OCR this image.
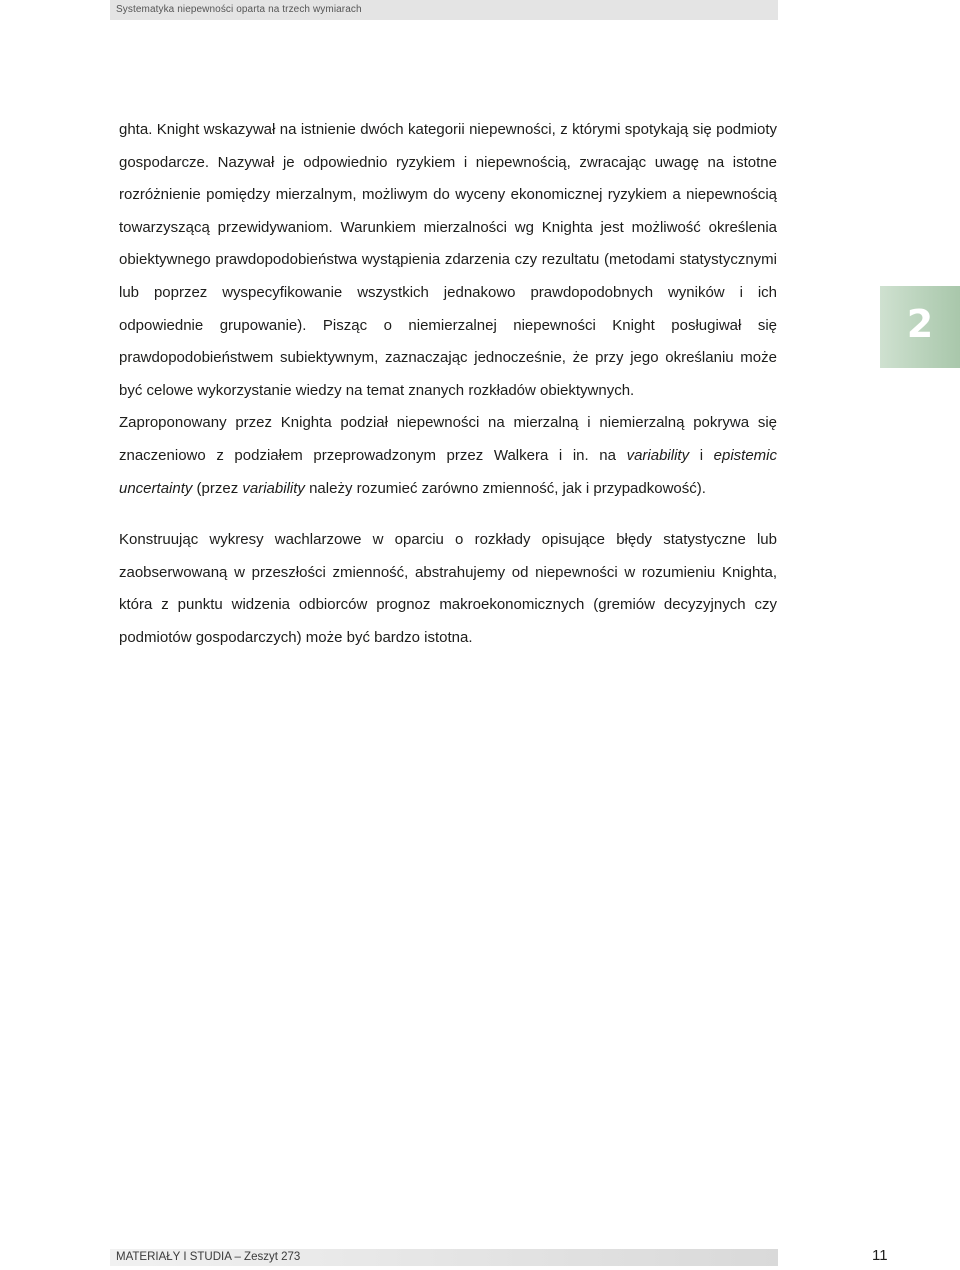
Systematyka niepewności oparta na trzech wymiarach

ghta. Knight wskazywał na istnienie dwóch kategorii niepewności, z którymi spotykają się podmioty gospodarcze. Nazywał je odpowiednio ryzykiem i niepewnością, zwracając uwagę na istotne rozróżnienie pomiędzy mierzalnym, możliwym do wyceny ekonomicznej ryzykiem a niepewnością towarzyszącą przewidywaniom. Warunkiem mierzalności wg Knighta jest możliwość określenia obiektywnego prawdopodobieństwa wystąpienia zdarzenia czy rezultatu (metodami statystycznymi lub poprzez wyspecyfikowanie wszystkich jednakowo prawdopodobnych wyników i ich odpowiednie grupowanie). Pisząc o niemierzalnej niepewności Knight posługiwał się prawdopodobieństwem subiektywnym, zaznaczając jednocześnie, że przy jego określaniu może być celowe wykorzystanie wiedzy na temat znanych rozkładów obiektywnych.

Zaproponowany przez Knighta podział niepewności na mierzalną i niemierzalną pokrywa się znaczeniowo z podziałem przeprowadzonym przez Walkera i in. na variability i epistemic uncertainty (przez variability należy rozumieć zarówno zmienność, jak i przypadkowość).

Konstruując wykresy wachlarzowe w oparciu o rozkłady opisujące błędy statystyczne lub zaobserwowaną w przeszłości zmienność, abstrahujemy od niepewności w rozumieniu Knighta, która z punktu widzenia odbiorców prognoz makroekonomicznych (gremiów decyzyjnych czy podmiotów gospodarczych) może być bardzo istotna.

2
MATERIAŁY I STUDIA – Zeszyt 273	11
